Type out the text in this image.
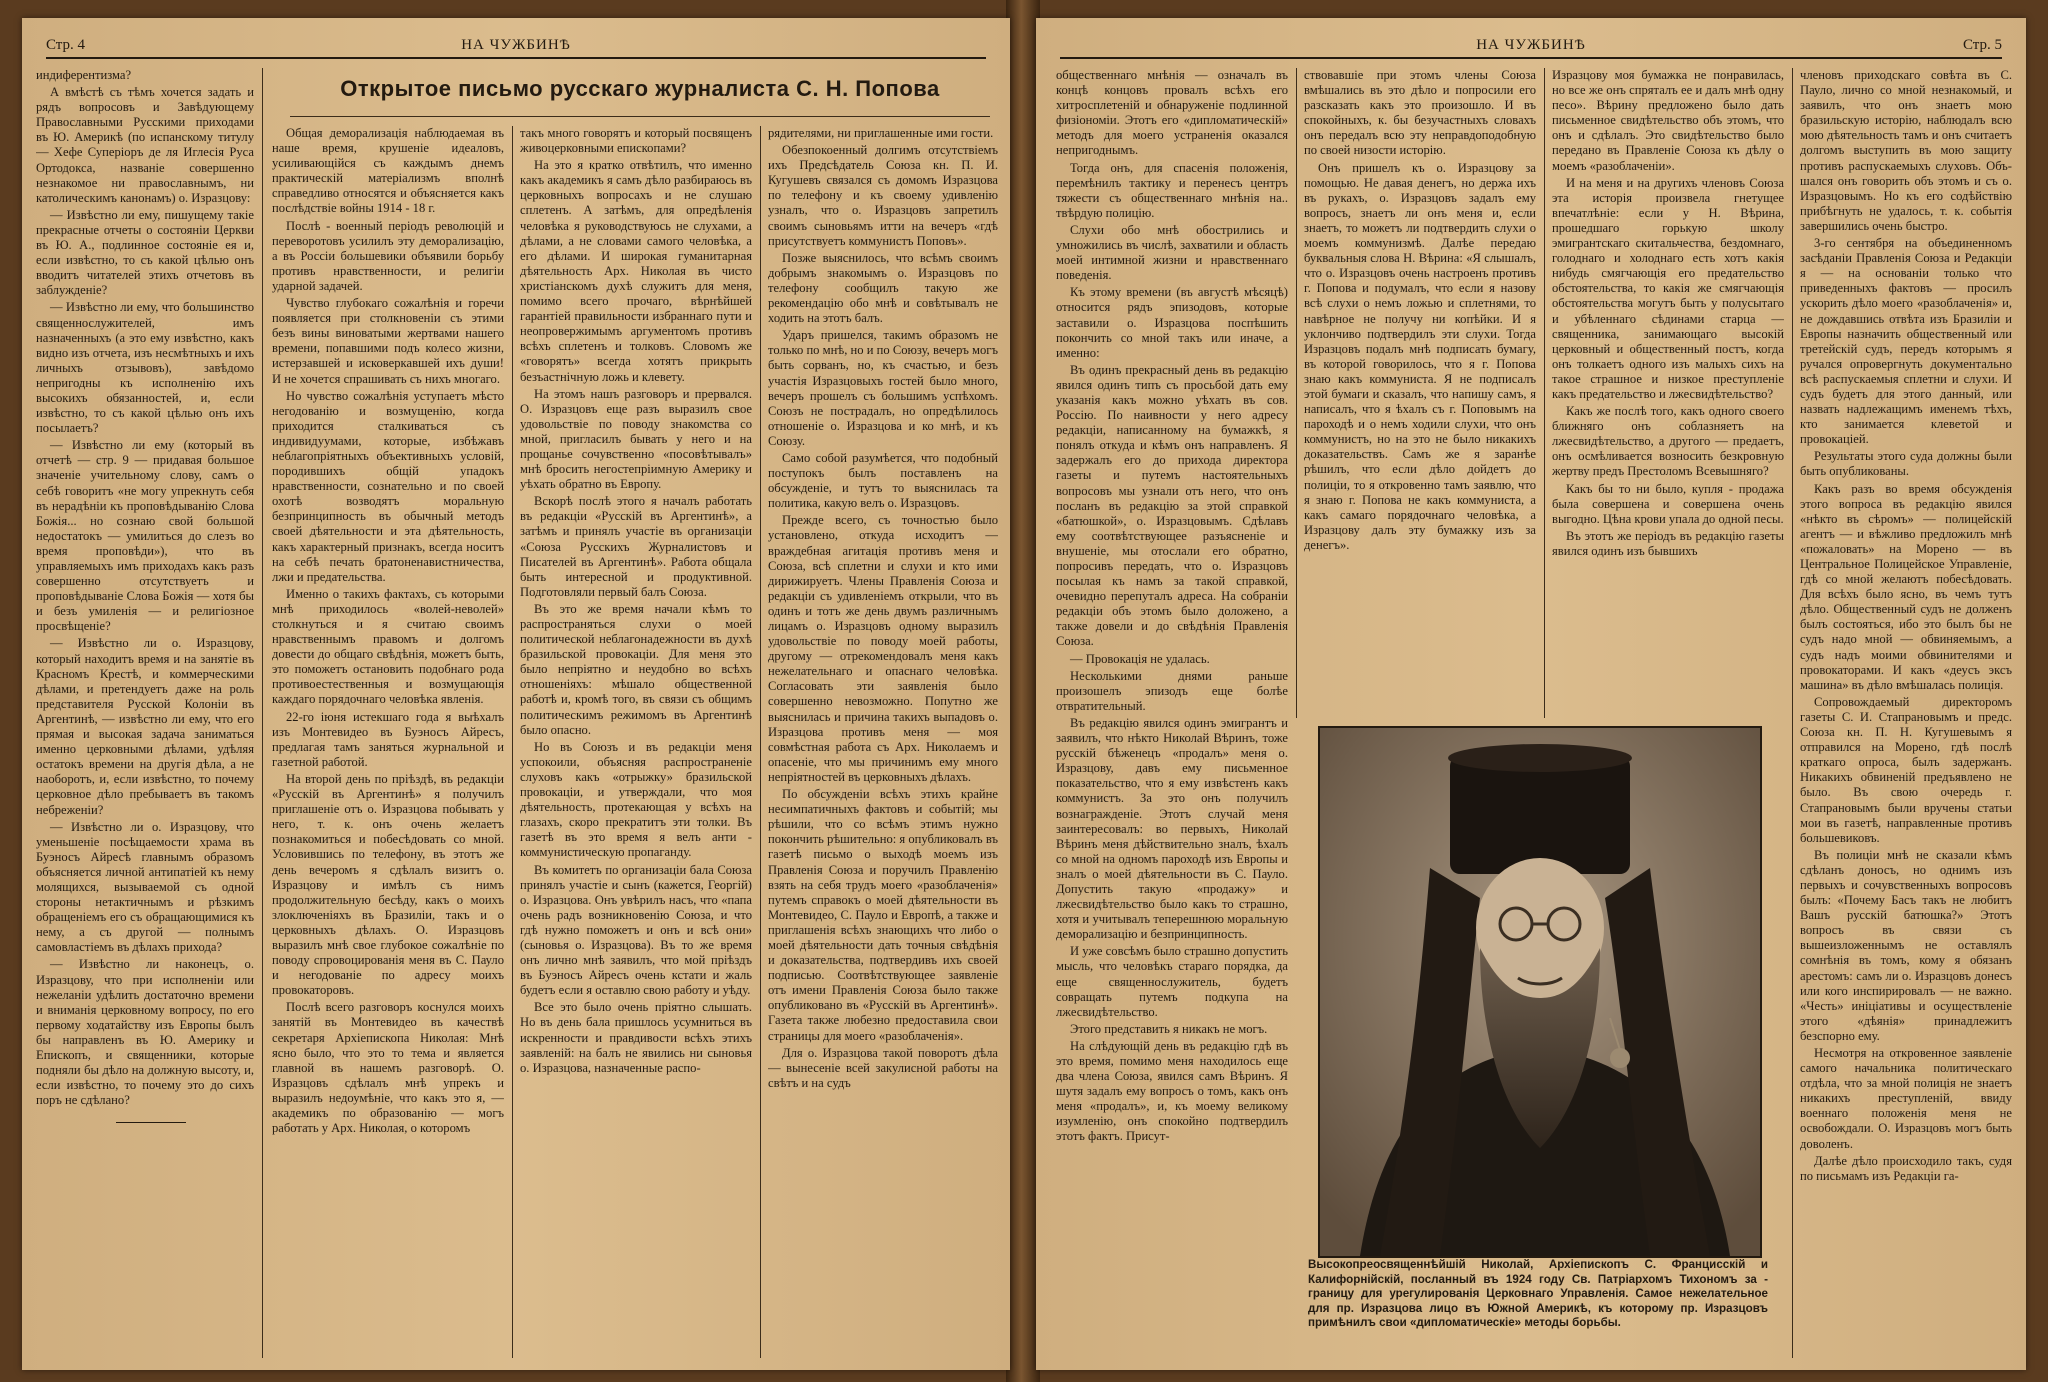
Стр. 4	НА ЧУЖБИНѢ

индиферентизма?

А вмѣстѣ съ тѣмъ хочется задать и рядъ вопросовъ и Завѣдующему Православными Русскими приходами въ Ю. Америкѣ (по испанскому титулу — Хефе Суперіоръ де ля Иглесія Руса Ортодокса, названіе совершенно незнакомое ни православнымъ, ни католическимъ канонамъ) о. Изразцову:

— Извѣстно ли ему, пишущему такіе прекрасные отчеты о состояніи Церкви въ Ю. А., подлинное состояніе ея и, если извѣстно, то съ какой цѣлью онъ вводитъ читателей этихъ отчетовъ въ заблужденіе?

— Извѣстно ли ему, что большинство священнослужителей, имъ назначенныхъ (а это ему извѣстно, какъ видно изъ отчета, изъ несмѣтныхъ и ихъ личныхъ отзывовъ), завѣдомо непригодны къ исполненію ихъ высокихъ обязанностей, и, если извѣстно, то съ какой цѣлью онъ ихъ посылаетъ?

— Извѣстно ли ему (который въ отчетѣ — стр. 9 — придавая большое значеніе учительному слову, самъ о себѣ говоритъ «не могу упрекнуть себя въ нерадѣніи къ проповѣдыванію Слова Божія... но сознаю свой большой недостатокъ — умилиться до слезъ во время проповѣди»), что въ управляемыхъ имъ приходахъ какъ разъ совершенно отсутствуетъ и проповѣдываніе Слова Божія — хотя бы и безъ умиленія — и религіозное просвѣщеніе?

— Извѣстно ли о. Изразцову, который находитъ время и на занятіе въ Красномъ Крестѣ, и коммерческими дѣлами, и претендуетъ даже на роль представителя Русской Колоніи въ Аргентинѣ, — извѣстно ли ему, что его прямая и высокая задача заниматься именно церковными дѣлами, удѣляя остатокъ времени на другія дѣла, а не наоборотъ, и, если извѣстно, то почему церковное дѣло пребываетъ въ такомъ небреженіи?

— Извѣстно ли о. Изразцову, что уменьшеніе посѣщаемости храма въ Буэносъ Айресѣ главнымъ образомъ объясняется личной антипатіей къ нему молящихся, вызываемой съ одной стороны нетактичнымъ и рѣзкимъ обращеніемъ его съ обращающимися къ нему, а съ другой — полнымъ самовластіемъ въ дѣлахъ прихода?

— Извѣстно ли наконецъ, о. Изразцову, что при исполненіи или нежеланіи удѣлить достаточно времени и вниманія церковному вопросу, по его первому ходатайству изъ Европы былъ бы направленъ въ Ю. Америку и Епископъ, и священники, которые подняли бы дѣло на должную высоту, и, если извѣстно, то почему это до сихъ поръ не сдѣлано?

Открытое письмо русскаго журналиста С. Н. Попова

Общая деморализація наблюдаемая въ наше время, крушеніе идеаловъ, усиливающійся съ каждымъ днемъ практическій матеріализмъ вполнѣ справедливо относятся и объясняется какъ послѣдствіе войны 1914 - 18 г.

Послѣ - военный періодъ революцій и переворотовъ усилилъ эту деморализацію, а въ Россіи большевики объявили борьбу противъ нравственности, и религіи ударной задачей.

Чувство глубокаго сожалѣнія и горечи появляется при столкновеніи съ этими безъ вины виноватыми жертвами нашего времени, попавшими подъ колесо жизни, истерзавшей и исковеркавшей ихъ души! И не хочется спрашивать съ нихъ многаго.

Но чувство сожалѣнія уступаетъ мѣсто негодованію и возмущенію, когда приходится сталкиваться съ индивидуумами, которые, избѣжавъ неблагопріятныхъ объективныхъ условій, породившихъ общій упадокъ нравственности, сознательно и по своей охотѣ возводятъ моральную безпринципность въ обычный методъ своей дѣятельности и эта дѣятельность, какъ характерный признакъ, всегда носитъ на себѣ печать братоненавистничества, лжи и предательства.

Именно о такихъ фактахъ, съ которыми мнѣ приходилось «волей-неволей» столкнуться и я считаю своимъ нравственнымъ правомъ и долгомъ довести до общаго свѣдѣнія, можетъ быть, это поможетъ остановить подобнаго рода противоестественныя и возмущающія каждаго порядочнаго человѣка явленія.

22-го іюня истекшаго года я выѣхалъ изъ Монтевидео въ Буэносъ Айресъ, предлагая тамъ заняться журнальной и газетной работой.

На второй день по пріѣздѣ, въ редакціи «Русскій въ Аргентинѣ» я получилъ приглашеніе отъ о. Изразцова побывать у него, т. к. онъ очень желаетъ познакомиться и побесѣдовать со мной. Условившись по телефону, въ этотъ же день вечеромъ я сдѣлалъ визитъ о. Изразцову и имѣлъ съ нимъ продолжительную бесѣду, какъ о моихъ злоключеніяхъ въ Бразиліи, такъ и о церковныхъ дѣлахъ. О. Изразцовъ выразилъ мнѣ свое глубокое сожалѣніе по поводу спровоцированія меня въ С. Пауло и негодованіе по адресу моихъ провокаторовъ.

Послѣ всего разговоръ коснулся моихъ занятій въ Монтевидео въ качествѣ секретаря Архіепископа Николая: Мнѣ ясно было, что это то тема и является главной въ нашемъ разговорѣ. О. Изразцовъ сдѣлалъ мнѣ упрекъ и выразилъ недоумѣніе, что какъ это я, — академикъ по образованію — могъ работать у Арх. Николая, о которомъ

такъ много говорятъ и который посвященъ живоцерковными епископами?

На это я кратко отвѣтилъ, что именно какъ академикъ я самъ дѣло разбираюсь въ церковныхъ вопросахъ и не слушаю сплетенъ. А затѣмъ, для опредѣленія человѣка я руководствуюсь не слухами, а дѣлами, а не словами самого человѣка, а его дѣлами. И широкая гуманитарная дѣятельность Арх. Николая въ чисто христіанскомъ духѣ служитъ для меня, помимо всего прочаго, вѣрнѣйшей гарантіей правильности избраннаго пути и неопровержимымъ аргументомъ противъ всѣхъ сплетенъ и толковъ. Словомъ же «говорятъ» всегда хотятъ прикрыть безъастнічную ложь и клевету.

На этомъ нашъ разговоръ и прервался. О. Изразцовъ еще разъ выразилъ свое удовольствіе по поводу знакомства со мной, пригласилъ бывать у него и на прощанье сочувственно «посовѣтывалъ» мнѣ бросить негостепріимную Америку и уѣхать обратно въ Европу.

Вскорѣ послѣ этого я началъ работать въ редакціи «Русскій въ Аргентинѣ», а затѣмъ и принялъ участіе въ организаціи «Союза Русскихъ Журналистовъ и Писателей въ Аргентинѣ». Работа общала быть интересной и продуктивной. Подготовляли первый балъ Союза.

Въ это же время начали кѣмъ то распространяться слухи о моей политической неблагонадежности въ духѣ бразильской провокаціи. Для меня это было непріятно и неудобно во всѣхъ отношеніяхъ: мѣшало общественной работѣ и, кромѣ того, въ связи съ общимъ политическимъ режимомъ въ Аргентинѣ было опасно.

Но въ Союзъ и въ редакціи меня успокоили, объясняя распространеніе слуховъ какъ «отрыжку» бразильской провокаціи, и утверждали, что моя дѣятельность, протекающая у всѣхъ на глазахъ, скоро прекратитъ эти толки. Въ газетѣ въ это время я велъ анти - коммунистическую пропаганду.

Въ комитетъ по организаціи бала Союза принялъ участіе и сынъ (кажется, Георгій) о. Изразцова. Онъ увѣрилъ насъ, что «папа очень радъ возникновенію Союза, и что гдѣ нужно поможетъ и онъ и всѣ они» (сыновья о. Изразцова). Въ то же время онъ лично мнѣ заявилъ, что мой пріѣздъ въ Буэносъ Айресъ очень кстати и жаль будетъ если я оставлю свою работу и уѣду.

Все это было очень пріятно слышать. Но въ день бала пришлось усумниться въ искренности и правдивости всѣхъ этихъ заявленій: на балъ не явились ни сыновья о. Изразцова, назначенные распо-

рядителями, ни приглашенные ими гости.

Обезпокоенный долгимъ отсутствіемъ ихъ Предсѣдатель Союза кн. П. И. Кугушевъ связался съ домомъ Изразцова по телефону и къ своему удивленію узналъ, что о. Изразцовъ запретилъ своимъ сыновьямъ итти на вечеръ «гдѣ присутствуетъ коммунистъ Поповъ».

Позже выяснилось, что всѣмъ своимъ добрымъ знакомымъ о. Изразцовъ по телефону сообщилъ такую же рекомендацію обо мнѣ и совѣтывалъ не ходить на этотъ балъ.

Ударъ пришелся, такимъ образомъ не только по мнѣ, но и по Союзу, вечеръ могъ быть сорванъ, но, къ счастью, и безъ участія Изразцовыхъ гостей было много, вечеръ прошелъ съ большимъ успѣхомъ. Союзъ не пострадалъ, но опредѣлилось отношеніе о. Изразцова и ко мнѣ, и къ Союзу.

Само собой разумѣется, что подобный поступокъ былъ поставленъ на обсужденіе, и тутъ то выяснилась та политика, какую велъ о. Изразцовъ.

Прежде всего, съ точностью было установлено, откуда исходитъ — враждебная агитація противъ меня и Союза, всѣ сплетни и слухи и кто ими дирижируетъ. Члены Правленія Союза и редакціи съ удивленіемъ открыли, что въ одинъ и тотъ же день двумъ различнымъ лицамъ о. Изразцовъ одному выразилъ удовольствіе по поводу моей работы, другому — отрекомендовалъ меня какъ нежелательнаго и опаснаго человѣка. Согласовать эти заявленія было совершенно невозможно. Попутно же выяснилась и причина такихъ выпадовъ о. Изразцова противъ меня — моя совмѣстная работа съ Арх. Николаемъ и опасеніе, что мы причинимъ ему много непріятностей въ церковныхъ дѣлахъ.

По обсужденіи всѣхъ этихъ крайне несимпатичныхъ фактовъ и событій; мы рѣшили, что со всѣмъ этимъ нужно покончить рѣшительно: я опубликовалъ въ газетѣ письмо о выходѣ моемъ изъ Правленія Союза и поручилъ Правленію взять на себя трудъ моего «разоблаченія» путемъ справокъ о моей дѣятельности въ Монтевидео, С. Пауло и Европѣ, а также и приглашенія всѣхъ знающихъ что либо о моей дѣятельности дать точныя свѣдѣнія и доказательства, подтвердивъ ихъ своей подписью. Соотвѣтствующее заявленіе отъ имени Правленія Союза было также опубликовано въ «Русскій въ Аргентинѣ». Газета также любезно предоставила свои страницы для моего «разоблаченія».

Для о. Изразцова такой поворотъ дѣла — вынесеніе всей закулисной работы на свѣтъ и на судъ

НА ЧУЖБИНѢ	Стр. 5

общественнаго мнѣнія — означалъ въ концѣ концовъ провалъ всѣхъ его хитросплетеній и обнаруженіе подлинной физіономіи. Этотъ его «дипломатическій» методъ для моего устраненія оказался непригоднымъ.

Тогда онъ, для спасенія положенія, перемѣнилъ тактику и перенесъ центръ тяжести съ общественнаго мнѣнія на.. твѣрдую полицію.

Слухи обо мнѣ обострились и умножились въ числѣ, захватили и область моей интимной жизни и нравственнаго поведенія.

Къ этому времени (въ августѣ мѣсяцѣ) относится рядъ эпизодовъ, которые заставили о. Изразцова поспѣшить покончить со мной такъ или иначе, а именно:

Въ одинъ прекрасный день въ редакцію явился одинъ типъ съ просьбой дать ему указанія какъ можно уѣхать въ сов. Россію. По наивности у него адресу редакціи, написанному на бумажкѣ, я понялъ откуда и кѣмъ онъ направленъ. Я задержалъ его до прихода директора газеты и путемъ настоятельныхъ вопросовъ мы узнали отъ него, что онъ посланъ въ редакцію за этой справкой «батюшкой», о. Изразцовымъ. Сдѣлавъ ему соотвѣтствующее разъясненіе и внушеніе, мы отослали его обратно, попросивъ передать, что о. Изразцовъ посылая къ намъ за такой справкой, очевидно перепуталъ адреса. На собраніи редакціи объ этомъ было доложено, а также довели и до свѣдѣнія Правленія Союза.

— Провокація не удалась.

Несколькими днями раньше произошелъ эпизодъ еще болѣе отвратительный.

Въ редакцію явился одинъ эмигрантъ и заявилъ, что нѣкто Николай Вѣринъ, тоже русскій бѣженецъ «продалъ» меня о. Изразцову, давъ ему письменное показательство, что я ему извѣстенъ какъ коммунистъ. За это онъ получилъ вознагражденіе. Этотъ случай меня заинтересовалъ: во первыхъ, Николай Вѣринъ меня дѣйствительно зналъ, ѣхалъ со мной на одномъ пароходѣ изъ Европы и зналъ о моей дѣятельности въ С. Пауло. Допустить такую «продажу» и лжесвидѣтельство было какъ то страшно, хотя и учитывалъ теперешнюю моральную деморализацію и безпринципность.

И уже совсѣмъ было страшно допустить мысль, что человѣкъ стараго порядка, да еще священнослужитель, будетъ совращать путемъ подкупа на лжесвидѣтельство.

Этого представить я никакъ не могъ.

На слѣдующій день въ редакцію гдѣ въ это время, помимо меня находилось еще два члена Союза, явился самъ Вѣринъ. Я шутя задалъ ему вопросъ о томъ, какъ онъ меня «продалъ», и, къ моему великому изумленію, онъ спокойно подтвердилъ этотъ фактъ. Присут-

ствовавшіе при этомъ члены Союза вмѣшались въ это дѣло и попросили его разсказать какъ это произошло. И въ спокойныхъ, к. бы безучастныхъ словахъ онъ передалъ всю эту неправдоподобную по своей низости исторію.

Онъ пришелъ къ о. Изразцову за помощью. Не давая денегъ, но держа ихъ въ рукахъ, о. Изразцовъ задалъ ему вопросъ, знаетъ ли онъ меня и, если знаетъ, то можетъ ли подтвердить слухи о моемъ коммунизмѣ. Далѣе передаю буквальныя слова Н. Вѣрина: «Я слышалъ, что о. Изразцовъ очень настроенъ противъ г. Попова и подумалъ, что если я назову всѣ слухи о немъ ложью и сплетнями, то навѣрное не получу ни копѣйки. И я уклончиво подтвердилъ эти слухи. Тогда Изразцовъ подалъ мнѣ подписать бумагу, въ которой говорилось, что я г. Попова знаю какъ коммуниста. Я не подписалъ этой бумаги и сказалъ, что напишу самъ, я написалъ, что я ѣхалъ съ г. Поповымъ на пароходѣ и о немъ ходили слухи, что онъ коммунистъ, но на это не было никакихъ доказательствъ. Самъ же я заранѣе рѣшилъ, что если дѣло дойдетъ до полиціи, то я откровенно тамъ заявлю, что я знаю г. Попова не какъ коммуниста, а какъ самаго порядочнаго человѣка, а Изразцову далъ эту бумажку изъ за денегъ».

Изразцову моя бумажка не понравилась, но все же онъ спряталъ ее и далъ мнѣ одну песо». Вѣрину предложено было дать письменное свидѣтельство объ этомъ, что онъ и сдѣлалъ. Это свидѣтельство было передано въ Правленіе Союза къ дѣлу о моемъ «разоблаченіи».

И на меня и на другихъ членовъ Союза эта исторія произвела гнетущее впечатлѣніе: если у Н. Вѣрина, прошедшаго горькую школу эмигрантскаго скитальчества, бездомнаго, голоднаго и холоднаго есть хотъ какія нибудь смягчающія его предательство обстоятельства, то какія же смягчающія обстоятельства могутъ быть у полусытаго и убѣленнаго сѣдинами старца — священника, занимающаго высокій церковный и общественный постъ, когда онъ толкаетъ одного изъ малыхъ сихъ на такое страшное и низкое преступленіе какъ предательство и лжесвидѣтельство?

Какъ же послѣ того, какъ одного своего ближняго онъ соблазняетъ на лжесвидѣтельство, а другого — предаетъ, онъ осмѣливается возносить безкровную жертву предъ Престоломъ Всевышняго?

Какъ бы то ни было, купля - продажа была совершена и совершена очень выгодно. Цѣна крови упала до одной песы.

Въ этотъ же періодъ въ редакцію газеты явился одинъ изъ бывшихъ

членовъ приходскаго совѣта въ С. Пауло, лично со мной незнакомый, и заявилъ, что онъ знаетъ мою бразильскую исторію, наблюдалъ всю мою дѣятельность тамъ и онъ считаетъ долгомъ выступить въ мою защиту противъ распускаемыхъ слуховъ. Объшался онъ говорить объ этомъ и съ о. Изразцовымъ. Но къ его содѣйствію прибѣгнуть не удалось, т. к. событія завершились очень быстро.

3-го сентября на объединенномъ засѣданіи Правленія Союза и Редакціи я — на основаніи только что приведенныхъ фактовъ — просилъ ускорить дѣло моего «разоблаченія» и, не дождавшись отвѣта изъ Бразиліи и Европы назначить общественный или третейскій судъ, передъ которымъ я ручался опровергнуть документально всѣ распускаемыя сплетни и слухи. И судъ будетъ для этого данный, или назвать надлежащимъ именемъ тѣхъ, кто занимается клеветой и провокаціей.

Результаты этого суда должны были быть опубликованы.

Какъ разъ во время обсужденія этого вопроса въ редакцію явился «нѣкто въ сѣромъ» — полицейскій агентъ — и вѣжливо предложилъ мнѣ «пожаловать» на Морено — въ Центральное Полицейское Управленіе, гдѣ со мной желаютъ побесѣдовать. Для всѣхъ было ясно, въ чемъ тутъ дѣло. Общественный судъ не долженъ былъ состояться, ибо это былъ бы не судъ надо мной — обвиняемымъ, а судъ надъ моими обвинителями и провокаторами. И какъ «деусъ эксъ машина» въ дѣло вмѣшалась полиція.

Сопровождаемый директоромъ газеты С. И. Стапрановымъ и предс. Союза кн. П. Н. Кугушевымъ я отправился на Морено, гдѣ послѣ краткаго опроса, былъ задержанъ. Никакихъ обвиненій предъявлено не было. Въ свою очередь г. Стапрановымъ были вручены статьи мои въ газетѣ, направленные противъ большевиковъ.

Въ полиціи мнѣ не сказали кѣмъ сдѣланъ доносъ, но однимъ изъ первыхъ и сочувственныхъ вопросовъ былъ: «Почему Басъ такъ не любитъ Вашъ русскій батюшка?» Этотъ вопросъ въ связи съ вышеизложеннымъ не оставлялъ сомнѣнія въ томъ, кому я обязанъ арестомъ: самъ ли о. Изразцовъ донесъ или кого инспирировалъ — не важно. «Честь» иніціативы и осуществленіе этого «дѣянія» принадлежитъ безспорно ему.

Несмотря на откровенное заявленіе самого начальника политическаго отдѣла, что за мной полиція не знаетъ никакихъ преступленій, ввиду военнаго положенія меня не освобождали. О. Изразцовъ могъ быть доволенъ.

Далѣе дѣло происходило такъ, судя по письмамъ изъ Редакціи га-

Высокопреосвященнѣйшій Николай, Архіепископъ С. Францисскій и Калифорнійскій, посланный въ 1924 году Св. Патріархомъ Тихономъ за - границу для урегулированія Церковнаго Управленія. Самое нежелательное для пр. Изразцова лицо въ Южной Америкѣ, къ которому пр. Изразцовъ примѣнилъ свои «дипломатическіе» методы борьбы.
